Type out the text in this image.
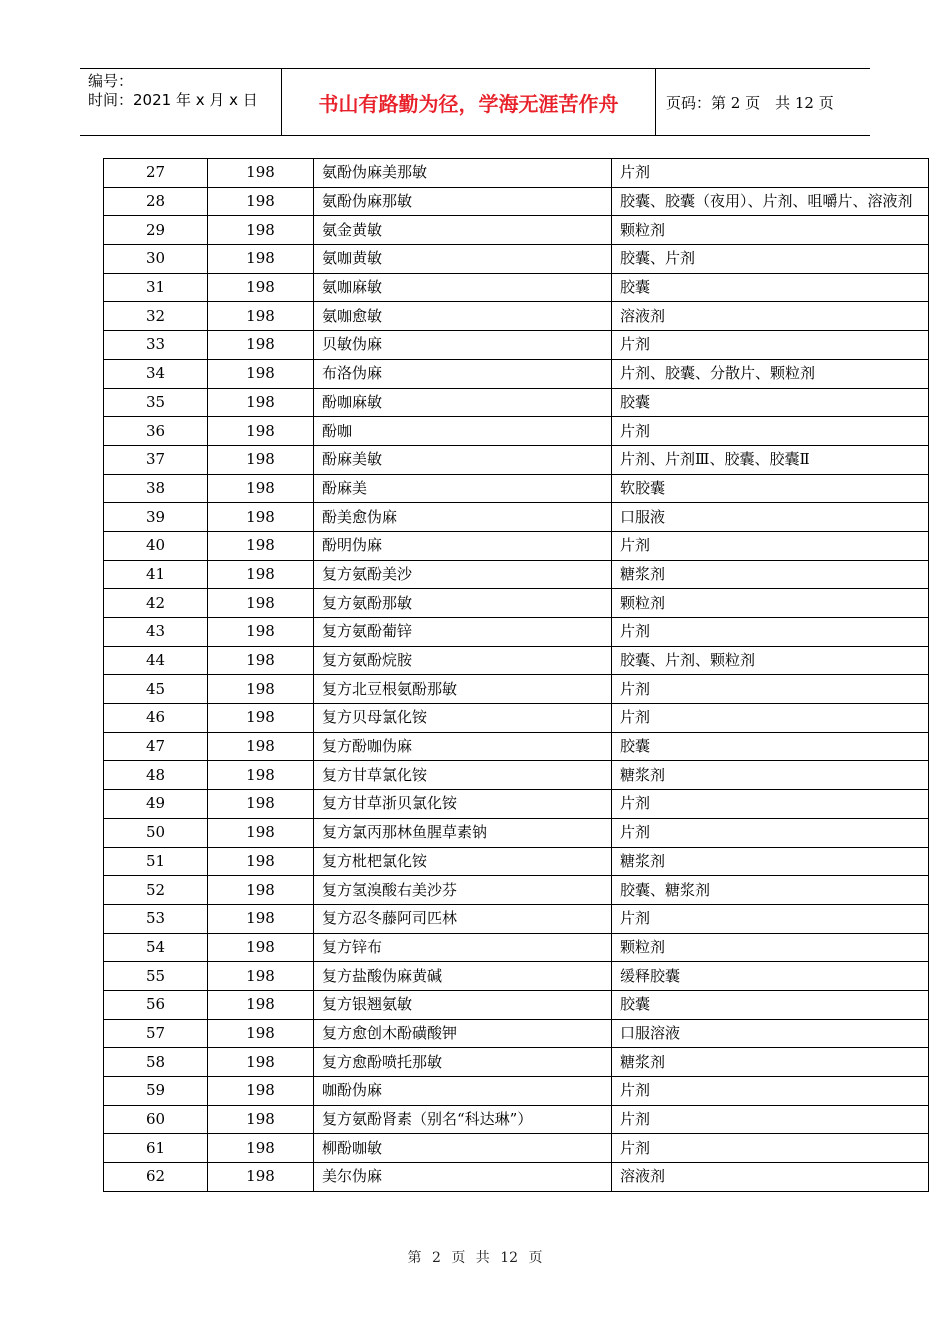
编号：
时间：2021 年 x 月 x 日	书山有路勤为径，学海无涯苦作舟	页码：第 2 页　共 12 页
27	198	氨酚伪麻美那敏	片剂
28	198	氨酚伪麻那敏	胶囊、胶囊（夜用）、片剂、咀嚼片、溶液剂
29	198	氨金黄敏	颗粒剂
30	198	氨咖黄敏	胶囊、片剂
31	198	氨咖麻敏	胶囊
32	198	氨咖愈敏	溶液剂
33	198	贝敏伪麻	片剂
34	198	布洛伪麻	片剂、胶囊、分散片、颗粒剂
35	198	酚咖麻敏	胶囊
36	198	酚咖	片剂
37	198	酚麻美敏	片剂、片剂Ⅲ、胶囊、胶囊Ⅱ
38	198	酚麻美	软胶囊
39	198	酚美愈伪麻	口服液
40	198	酚明伪麻	片剂
41	198	复方氨酚美沙	糖浆剂
42	198	复方氨酚那敏	颗粒剂
43	198	复方氨酚葡锌	片剂
44	198	复方氨酚烷胺	胶囊、片剂、颗粒剂
45	198	复方北豆根氨酚那敏	片剂
46	198	复方贝母氯化铵	片剂
47	198	复方酚咖伪麻	胶囊
48	198	复方甘草氯化铵	糖浆剂
49	198	复方甘草浙贝氯化铵	片剂
50	198	复方氯丙那林鱼腥草素钠	片剂
51	198	复方枇杷氯化铵	糖浆剂
52	198	复方氢溴酸右美沙芬	胶囊、糖浆剂
53	198	复方忍冬藤阿司匹林	片剂
54	198	复方锌布	颗粒剂
55	198	复方盐酸伪麻黄碱	缓释胶囊
56	198	复方银翘氨敏	胶囊
57	198	复方愈创木酚磺酸钾	口服溶液
58	198	复方愈酚喷托那敏	糖浆剂
59	198	咖酚伪麻	片剂
60	198	复方氨酚肾素（别名“科达琳”）	片剂
61	198	柳酚咖敏	片剂
62	198	美尔伪麻	溶液剂
第 2 页 共 12 页
